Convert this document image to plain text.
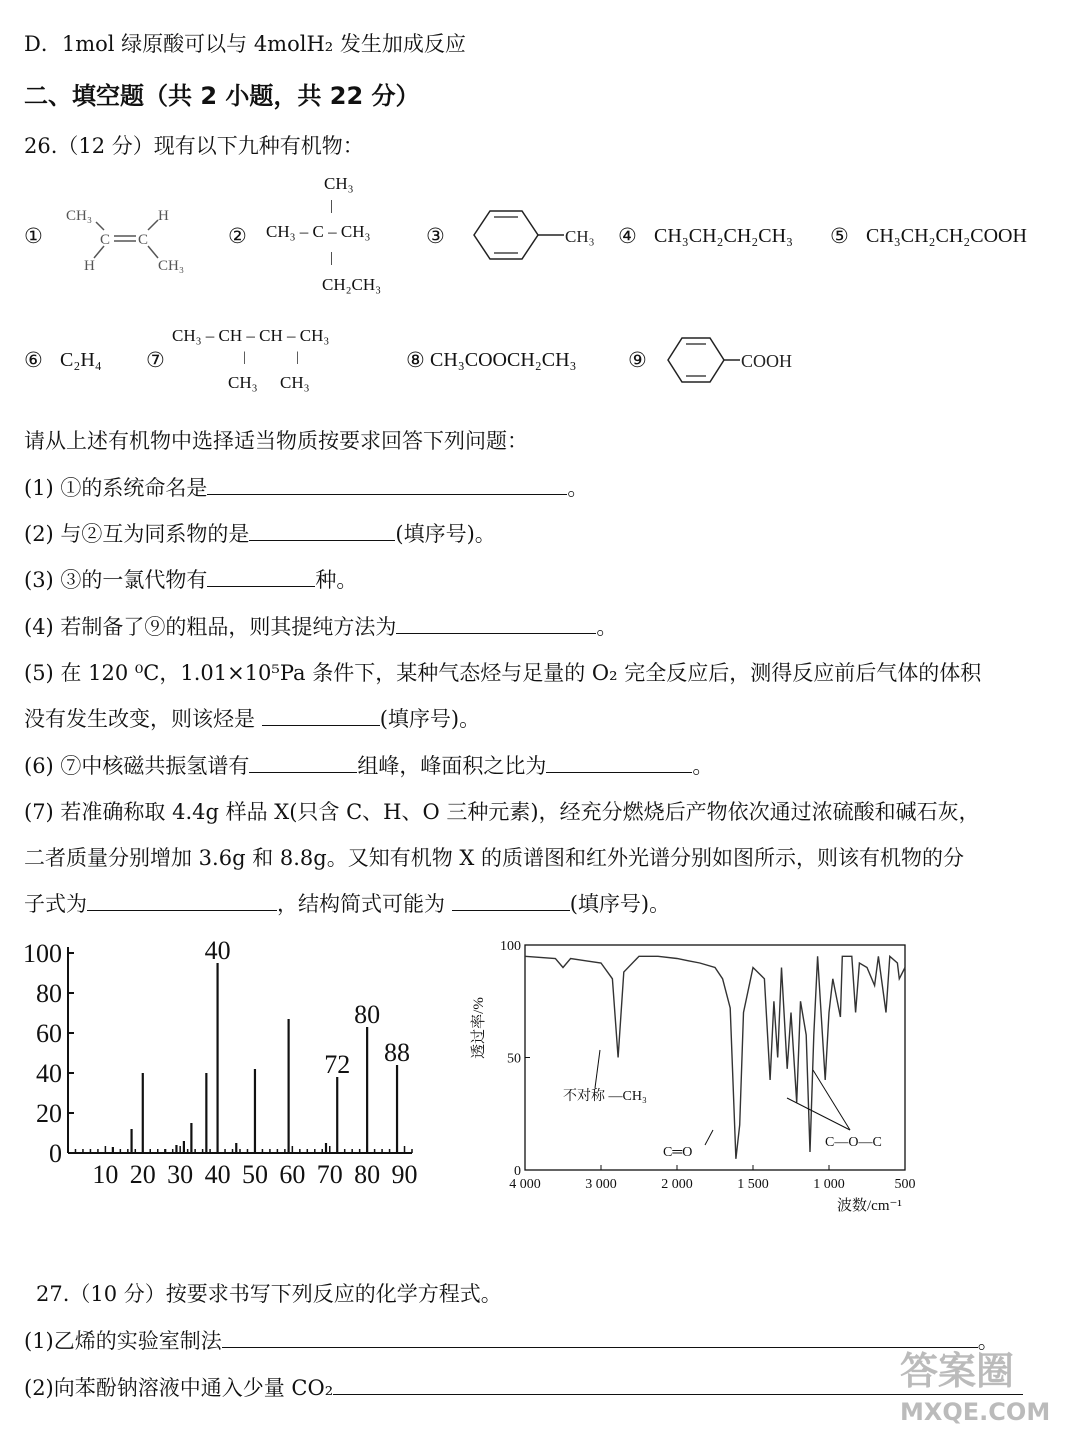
D．1mol 绿原酸可以与 4molH₂ 发生加成反应
二、填空题（共 2 小题，共 22 分）
26.（12 分）现有以下九种有机物：
①
CH₃	H
C C
H	CH₃
②
CH₃
|
CH₃ – C – CH₃
|
CH₂CH₃
③	CH₃ ④ CH₃CH₂CH₂CH₃ ⑤ CH₃CH₂CH₂COOH
⑥ C₂H₄ ⑦
CH₃ – CH – CH – CH₃
|	|
CH₃ CH₃
⑧ CH₃COOCH₂CH₃ ⑨	COOH
请从上述有机物中选择适当物质按要求回答下列问题：
(1) ①的系统命名是	。
(2) 与②互为同系物的是	(填序号)。
(3) ③的一氯代物有	种。
(4) 若制备了⑨的粗品，则其提纯方法为	。
(5) 在 120 ⁰C，1.01×10⁵Pa 条件下，某种气态烃与足量的 O₂ 完全反应后，测得反应前后气体的体积
没有发生改变，则该烃是	(填序号)。
(6) ⑦中核磁共振氢谱有	组峰，峰面积之比为	。
(7) 若准确称取 4.4g 样品 X(只含 C、H、O 三种元素)，经充分燃烧后产物依次通过浓硫酸和碱石灰，
二者质量分别增加 3.6g 和 8.8g。又知有机物 X 的质谱图和红外光谱分别如图所示，则该有机物的分
子式为	，结构简式可能为	(填序号)。
0
20
40
60
80
100
10 20 30 40 50 60 70 80 90
40
72
80
88
0
50
100
4 000	3 000	2 000	1 500	1 000	500
透过率/%
波数/cm⁻¹
不对称 —CH₃
C═O
C—O—C
27.（10 分）按要求书写下列反应的化学方程式。
(1)乙烯的实验室制法	。
(2)向苯酚钠溶液中通入少量 CO₂	答案圈
MXQE.COM
